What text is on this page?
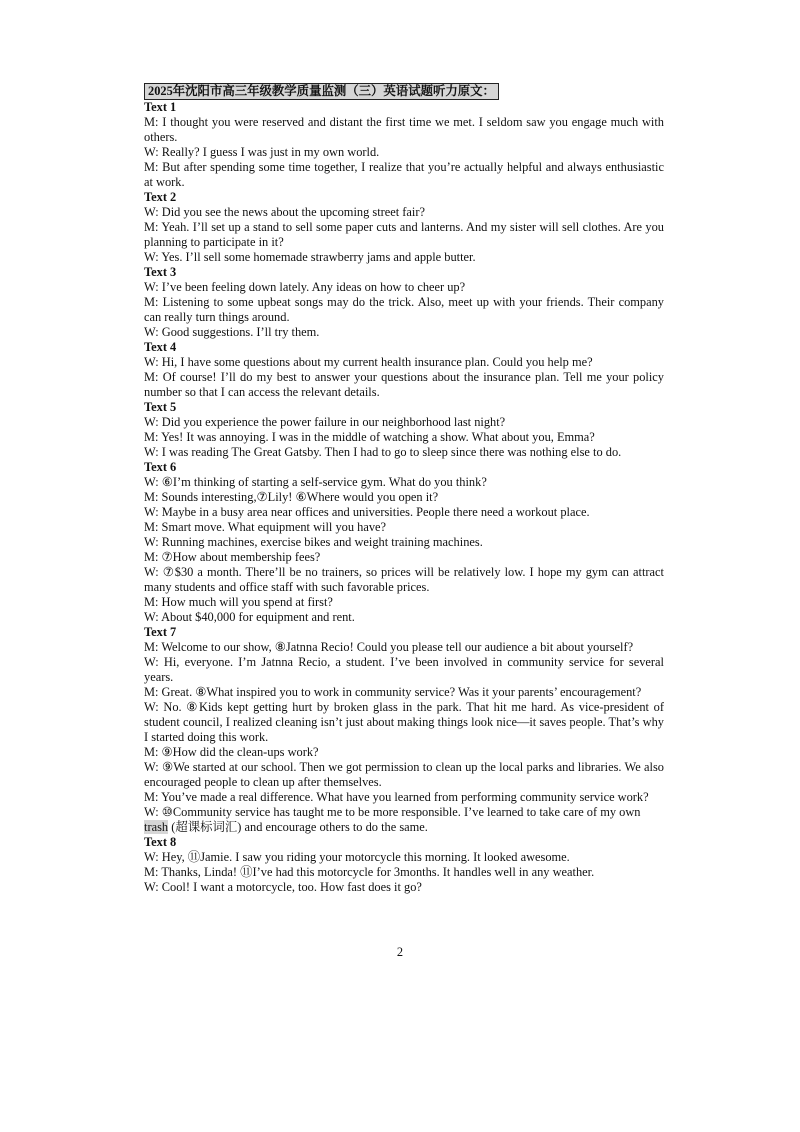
2025年沈阳市高三年级教学质量监测（三）英语试题听力原文：
Text 1
M: I thought you were reserved and distant the first time we met. I seldom saw you engage much with others.
W: Really? I guess I was just in my own world.
M: But after spending some time together, I realize that you’re actually helpful and always enthusiastic at work.
Text 2
W: Did you see the news about the upcoming street fair?
M: Yeah. I’ll set up a stand to sell some paper cuts and lanterns. And my sister will sell clothes. Are you planning to participate in it?
W: Yes. I’ll sell some homemade strawberry jams and apple butter.
Text 3
W: I’ve been feeling down lately. Any ideas on how to cheer up?
M: Listening to some upbeat songs may do the trick. Also, meet up with your friends. Their company can really turn things around.
W: Good suggestions. I’ll try them.
Text 4
W: Hi, I have some questions about my current health insurance plan. Could you help me?
M: Of course! I’ll do my best to answer your questions about the insurance plan. Tell me your policy number so that I can access the relevant details.
Text 5
W: Did you experience the power failure in our neighborhood last night?
M: Yes! It was annoying. I was in the middle of watching a show. What about you, Emma?
W: I was reading The Great Gatsby. Then I had to go to sleep since there was nothing else to do.
Text 6
W: ⑥I’m thinking of starting a self-service gym. What do you think?
M: Sounds interesting,⑦Lily! ⑥Where would you open it?
W: Maybe in a busy area near offices and universities. People there need a workout place.
M: Smart move. What equipment will you have?
W: Running machines, exercise bikes and weight training machines.
M: ⑦How about membership fees?
W: ⑦$30 a month. There’ll be no trainers, so prices will be relatively low. I hope my gym can attract many students and office staff with such favorable prices.
M: How much will you spend at first?
W: About $40,000 for equipment and rent.
Text 7
M: Welcome to our show, ⑧Jatnna Recio! Could you please tell our audience a bit about yourself?
W: Hi, everyone. I’m Jatnna Recio, a student. I’ve been involved in community service for several years.
M: Great. ⑧What inspired you to work in community service? Was it your parents’ encouragement?
W: No. ⑧Kids kept getting hurt by broken glass in the park. That hit me hard. As vice-president of student council, I realized cleaning isn’t just about making things look nice—it saves people. That’s why I started doing this work.
M: ⑨How did the clean-ups work?
W: ⑨We started at our school. Then we got permission to clean up the local parks and libraries. We also encouraged people to clean up after themselves.
M: You’ve made a real difference. What have you learned from performing community service work?
W: ⑩Community service has taught me to be more responsible. I’ve learned to take care of my own trash (超课标词汇) and encourage others to do the same.
Text 8
W: Hey, ⑪Jamie. I saw you riding your motorcycle this morning. It looked awesome.
M: Thanks, Linda! ⑪I’ve had this motorcycle for 3months. It handles well in any weather.
W: Cool! I want a motorcycle, too. How fast does it go?
2
